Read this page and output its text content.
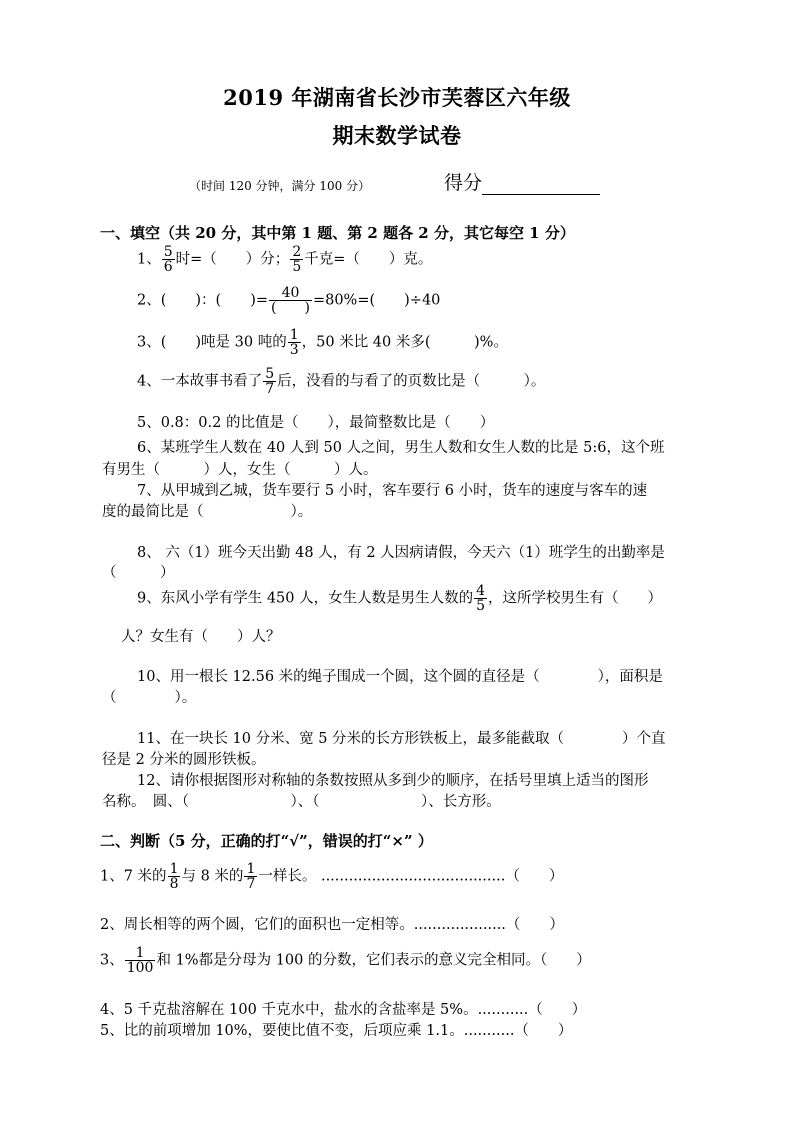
2019 年湖南省长沙市芙蓉区六年级
期末数学试卷
（时间 120 分钟，满分 100 分）	得分
一、填空（共 20 分，其中第 1 题、第 2 题各 2 分，其它每空 1 分）
1、 $\frac{5}{6}$ 时=（　　）分； $\frac{2}{5}$ 千克=（　　）克。
2、(　　)：(　　)= $\frac{40}{( )} =80\%=$(　　)÷40
3、(　　)吨是 30 吨的 $\frac{1}{3}$ ，50 米比 40 米多(　　　)%。
4、一本故事书看了 $\frac{5}{7}$ 后，没看的与看了的页数比是（　　　）。
5、0.8：0.2 的比值是（　　），最简整数比是（　　）
6、某班学生人数在 40 人到 50 人之间，男生人数和女生人数的比是 5:6，这个班
有男生（　　　）人，女生（　　　）人。
7、从甲城到乙城，货车要行 5 小时，客车要行 6 小时，货车的速度与客车的速
度的最简比是（　　　　　　）。
8、 六（1）班今天出勤 48 人，有 2 人因病请假，今天六（1）班学生的出勤率是
（　　　）
9、东风小学有学生 450 人，女生人数是男生人数的 $\frac{4}{5}$ ，这所学校男生有（　　）
人？女生有（　　）人？
10、用一根长 12.56 米的绳子围成一个圆，这个圆的直径是（　　　　），面积是
（　　　　）。
11、在一块长 10 分米、宽 5 分米的长方形铁板上，最多能截取（　　　　）个直
径是 2 分米的圆形铁板。
12、请你根据图形对称轴的条数按照从多到少的顺序，在括号里填上适当的图形
名称。　圆、（　　　　　　　）、（　　　　　　　）、长方形。
二、判断（5 分，正确的打“√”，错误的打“×” ）
1、7 米的 $\frac{1}{8}$ 与 8 米的 $\frac{1}{7}$ 一样长。 ........................................（　　）
2、周长相等的两个圆，它们的面积也一定相等。....................（　　）
3、 $\frac{1}{100}$ 和 1%都是分母为 100 的分数，它们表示的意义完全相同。（　　）
4、5 千克盐溶解在 100 千克水中，盐水的含盐率是 5%。...........（　　）
5、比的前项增加 10%，要使比值不变，后项应乘 1.1。...........（　　）
